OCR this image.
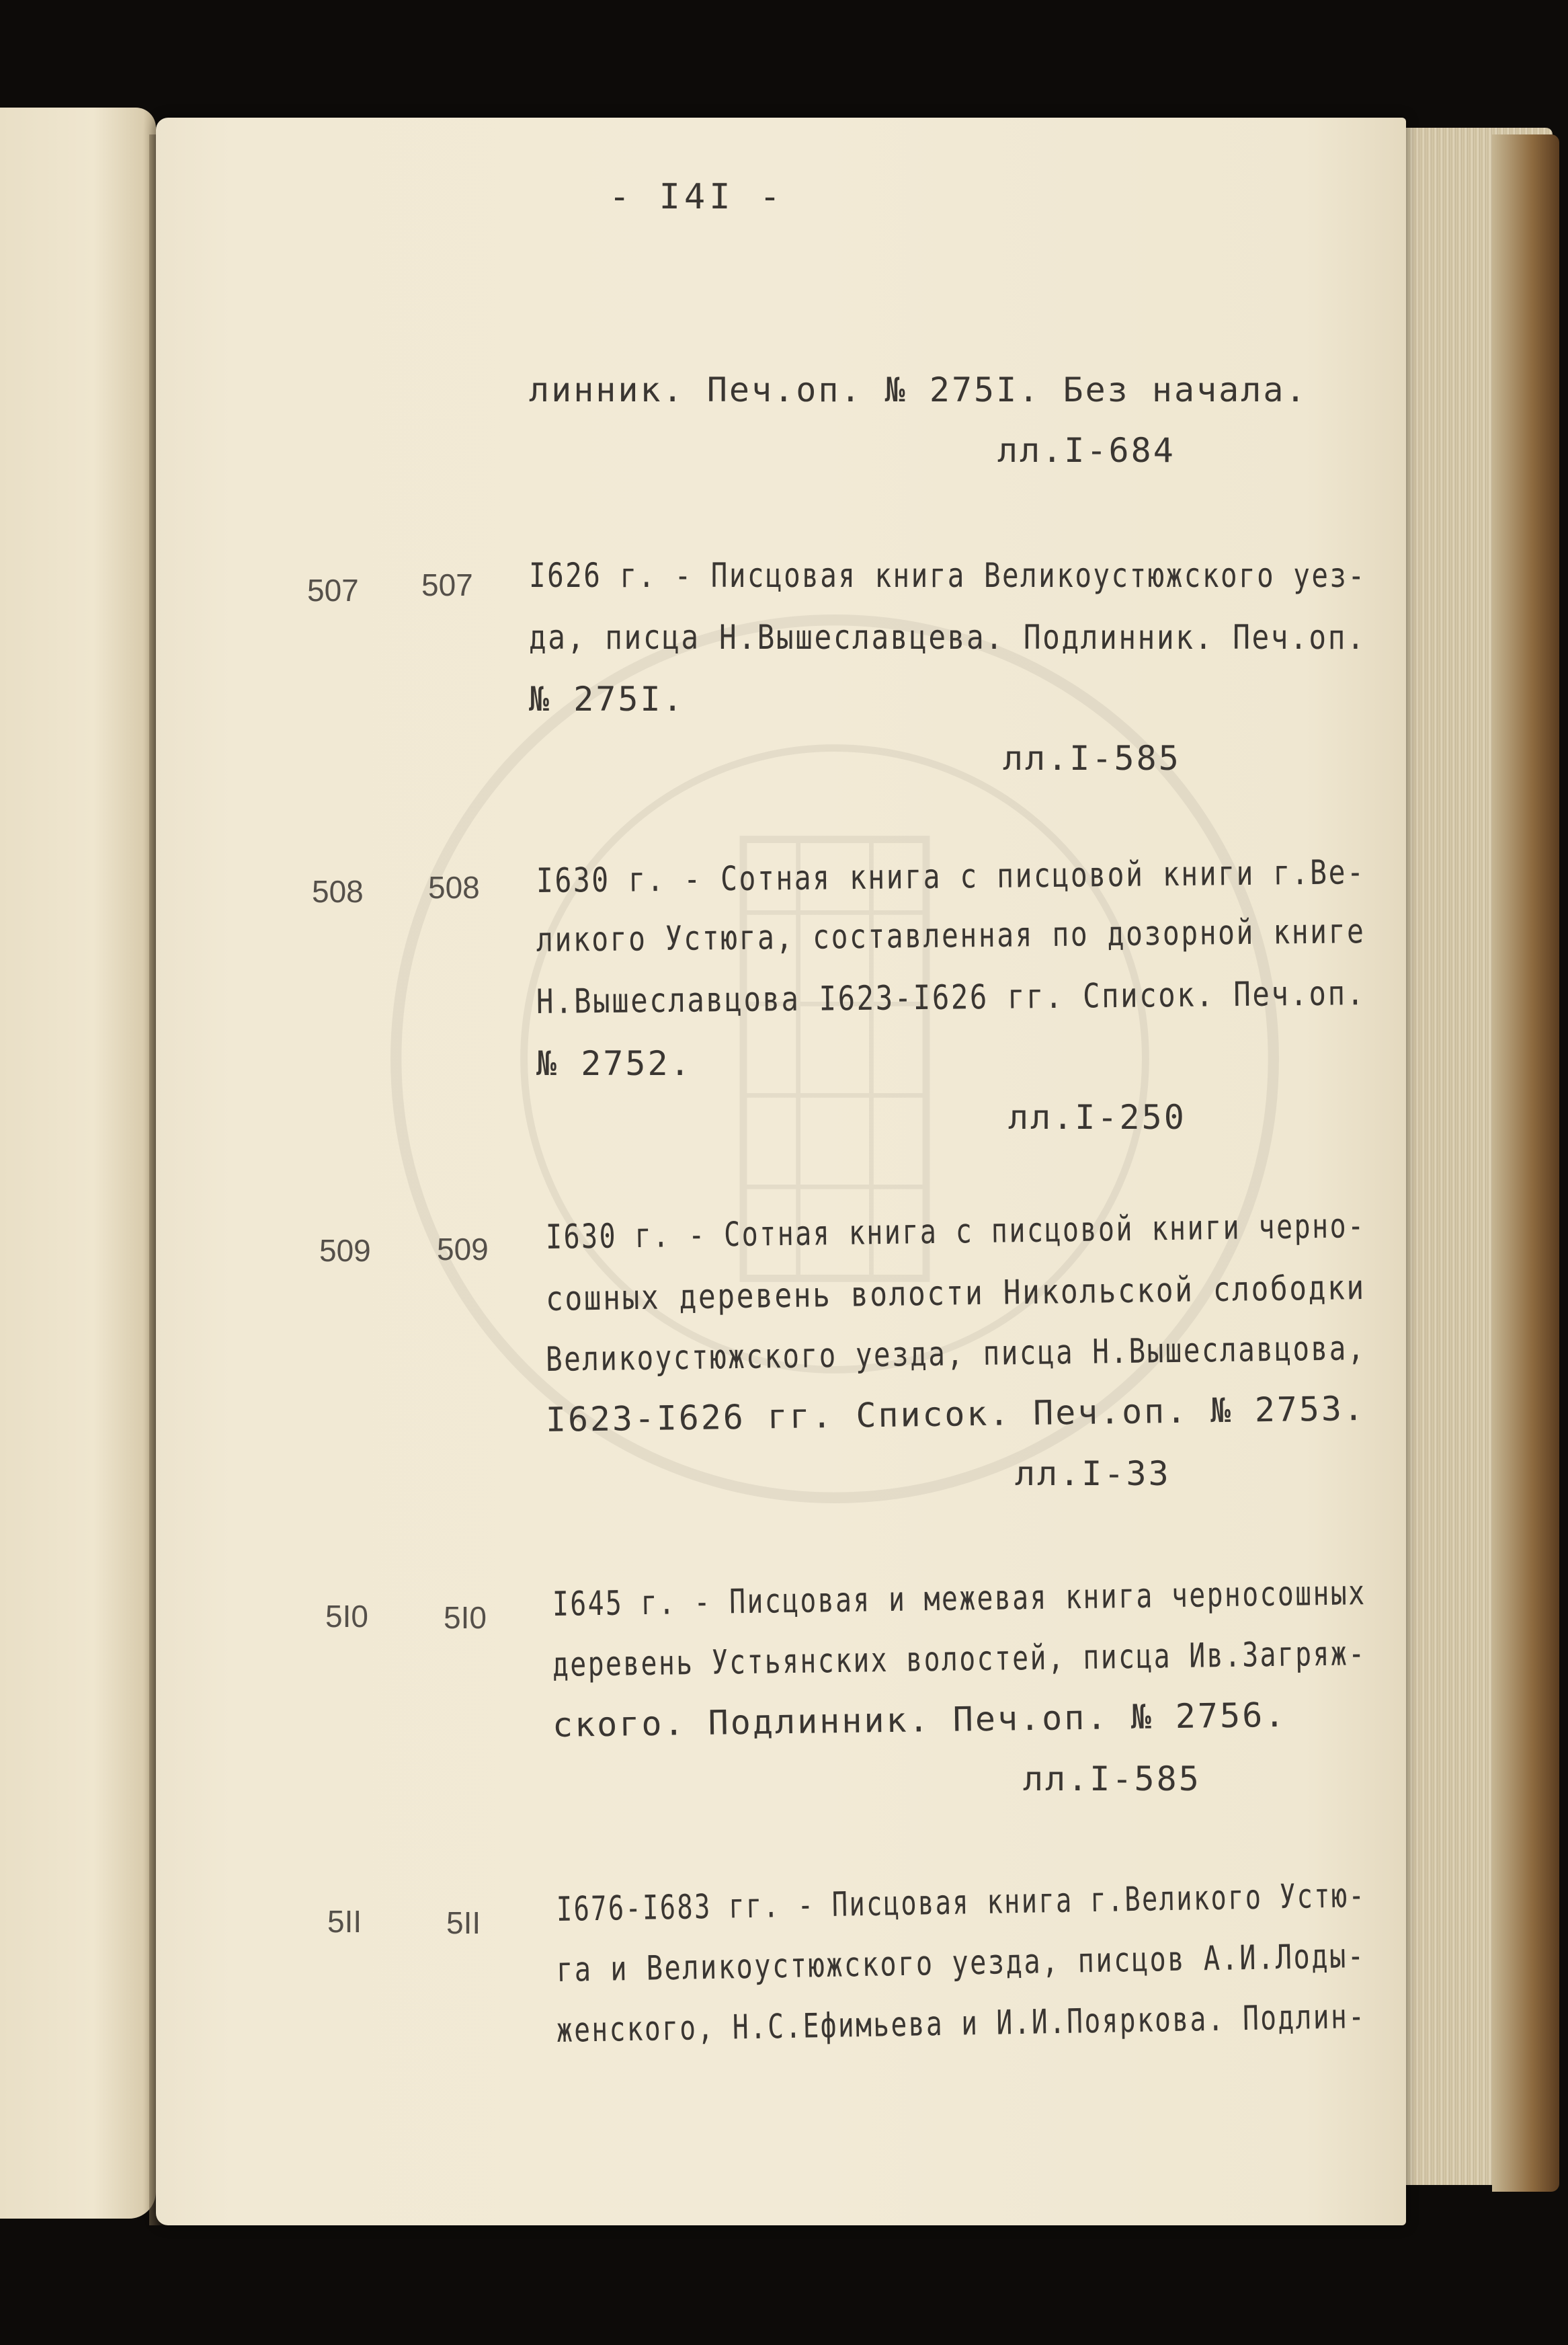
- I4I -

линник. Печ.оп. № 275I. Без начала.

лл.I-684

507 507 I626 г. - Писцовая книга Великоустюжского уез-

да, писца Н.Вышеславцева. Подлинник. Печ.оп.

№ 275I.

лл.I-585

508 508 I630 г. - Сотная книга с писцовой книги г.Ве-

ликого Устюга, составленная по дозорной книге

Н.Вышеславцова I623-I626 гг. Список. Печ.оп.

№ 2752.

лл.I-250

509 509 I630 г. - Сотная книга с писцовой книги черно-

сошных деревень волости Никольской слободки

Великоустюжского уезда, писца Н.Вышеславцова,

I623-I626 гг. Список. Печ.оп. № 2753.

лл.I-33

5I0 5I0 I645 г. - Писцовая и межевая книга черносошных

деревень Устьянских волостей, писца Ив.Загряж-

ского. Подлинник. Печ.оп. № 2756.

лл.I-585

5II	5II I676-I683 гг. - Писцовая книга г.Великого Устю-

га и Великоустюжского уезда, писцов А.И.Лоды-

женского, Н.С.Ефимьева и И.И.Пояркова. Подлин-
